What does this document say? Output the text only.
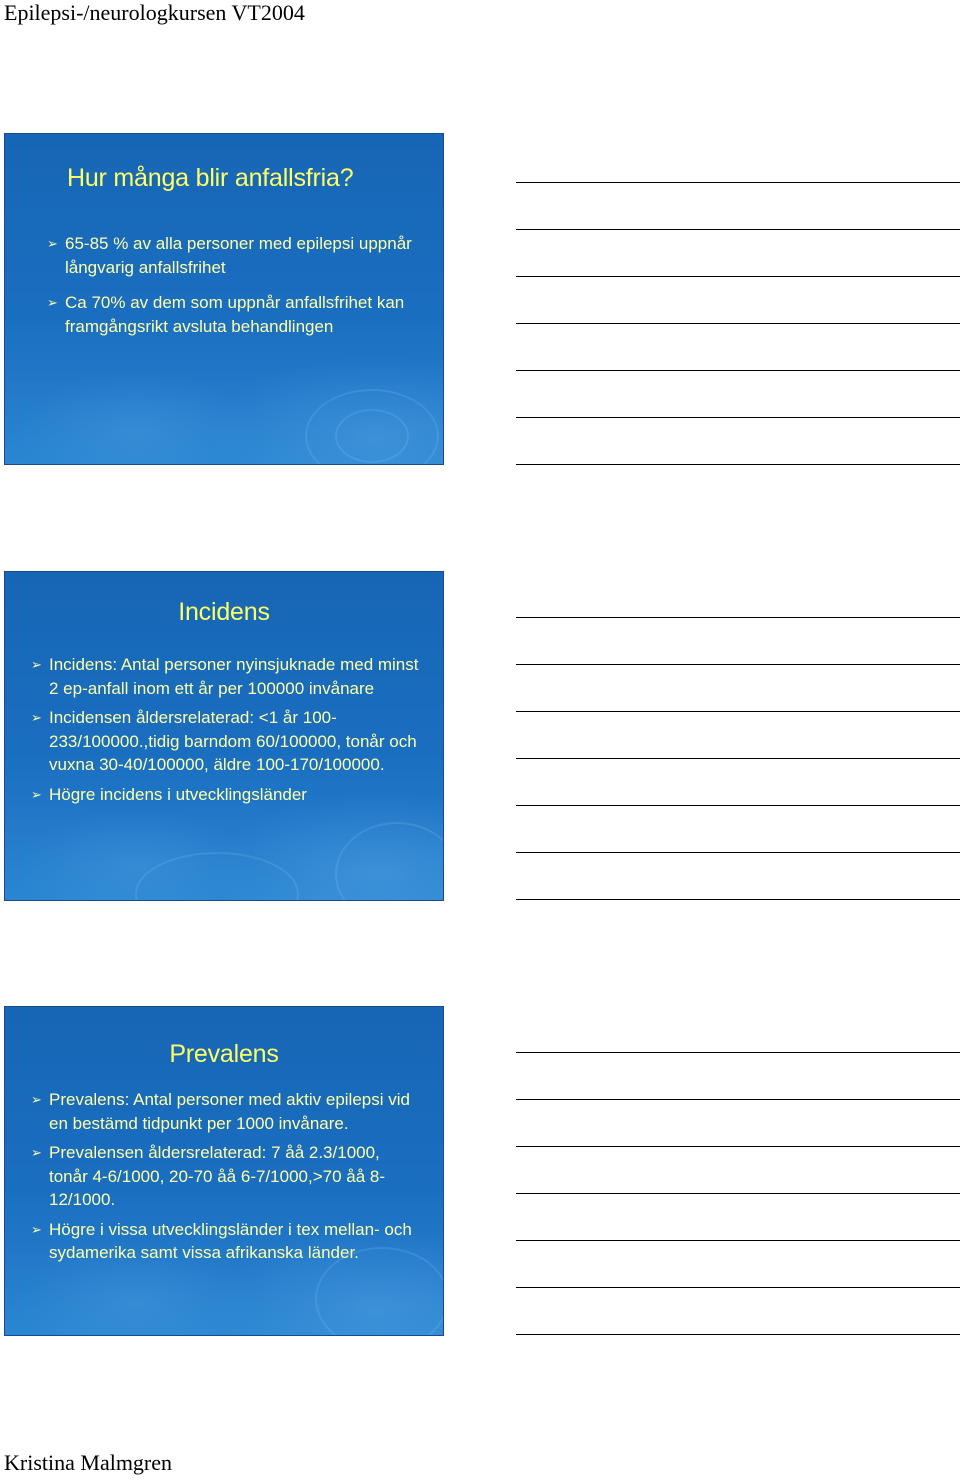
Epilepsi-/neurologkursen VT2004
Hur många blir anfallsfria?
➢ 65-85 % av alla personer med epilepsi uppnår långvarig anfallsfrihet
➢ Ca 70% av dem som uppnår anfallsfrihet kan framgångsrikt avsluta behandlingen
Incidens
➢ Incidens: Antal personer nyinsjuknade med minst 2 ep-anfall inom ett år per 100000 invånare
➢ Incidensen åldersrelaterad: <1 år 100-233/100000.,tidig barndom 60/100000, tonår och vuxna 30-40/100000, äldre 100-170/100000.
➢ Högre incidens i utvecklingsländer
Prevalens
➢ Prevalens: Antal personer med aktiv epilepsi vid en bestämd tidpunkt per 1000 invånare.
➢ Prevalensen åldersrelaterad: 7 åå 2.3/1000, tonår 4-6/1000, 20-70 åå 6-7/1000,>70 åå 8-12/1000.
➢ Högre i vissa utvecklingsländer i tex mellan- och sydamerika samt vissa afrikanska länder.
Kristina Malmgren
